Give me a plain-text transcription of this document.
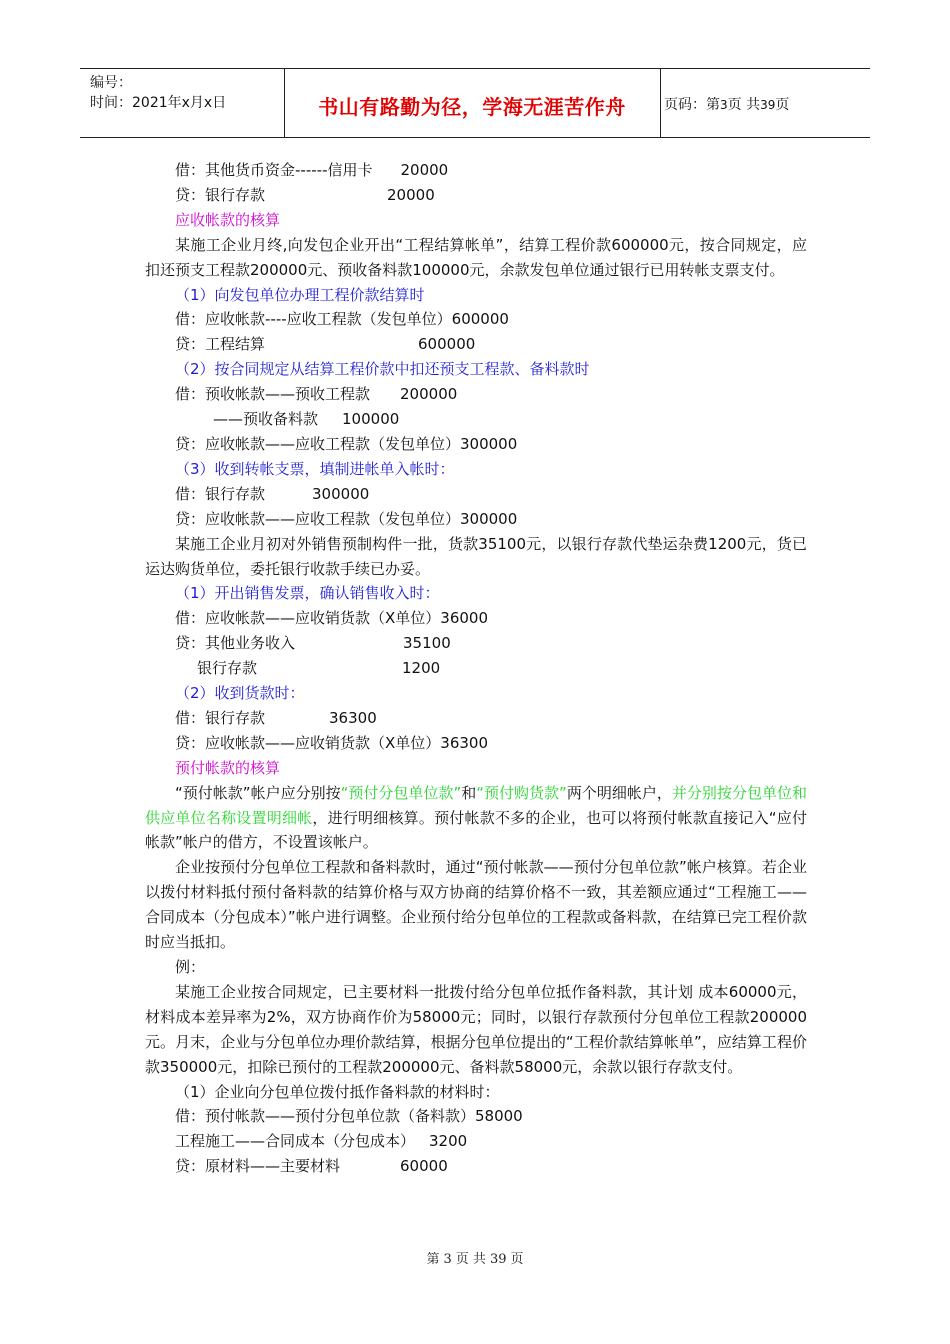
编号：
时间：2021年x月x日	书山有路勤为径，学海无涯苦作舟	页码：第3页 共39页
借：其他货币资金------信用卡 20000
贷：银行存款	20000
应收帐款的核算

某施工企业月终,向发包企业开出“工程结算帐单”，结算工程价款600000元，按合同规定，应扣还预支工程款200000元、预收备料款100000元，余款发包单位通过银行已用转帐支票支付。

（1）向发包单位办理工程价款结算时
借：应收帐款----应收工程款（发包单位）600000
贷：工程结算	600000
（2）按合同规定从结算工程价款中扣还预支工程款、备料款时
借：预收帐款——预收工程款 200000
——预收备料款 100000
贷：应收帐款——应收工程款（发包单位）300000
（3）收到转帐支票，填制进帐单入帐时：
借：银行存款	300000
贷：应收帐款——应收工程款（发包单位）300000

某施工企业月初对外销售预制构件一批，货款35100元，以银行存款代垫运杂费1200元，货已运达购货单位，委托银行收款手续已办妥。

（1）开出销售发票，确认销售收入时：
借：应收帐款——应收销货款（X单位）36000
贷：其他业务收入	35100
银行存款	1200
（2）收到货款时：
借：银行存款	36300
贷：应收帐款——应收销货款（X单位）36300
预付帐款的核算

“预付帐款”帐户应分别按“预付分包单位款”和“预付购货款”两个明细帐户，并分别按分包单位和供应单位名称设置明细帐，进行明细核算。预付帐款不多的企业，也可以将预付帐款直接记入“应付帐款”帐户的借方，不设置该帐户。

企业按预付分包单位工程款和备料款时，通过“预付帐款——预付分包单位款”帐户核算。若企业以拨付材料抵付预付备料款的结算价格与双方协商的结算价格不一致，其差额应通过“工程施工——合同成本（分包成本）”帐户进行调整。企业预付给分包单位的工程款或备料款，在结算已完工程价款时应当抵扣。

例：

某施工企业按合同规定，已主要材料一批拨付给分包单位抵作备料款，其计划 成本60000元，材料成本差异率为2%，双方协商作价为58000元；同时，以银行存款预付分包单位工程款200000元。月末，企业与分包单位办理价款结算，根据分包单位提出的“工程价款结算帐单”，应结算工程价款350000元，扣除已预付的工程款200000元、备料款58000元，余款以银行存款支付。

（1）企业向分包单位拨付抵作备料款的材料时：
借：预付帐款——预付分包单位款（备料款）58000
工程施工——合同成本（分包成本） 3200
贷：原材料——主要材料	60000
第 3 页 共 39 页
